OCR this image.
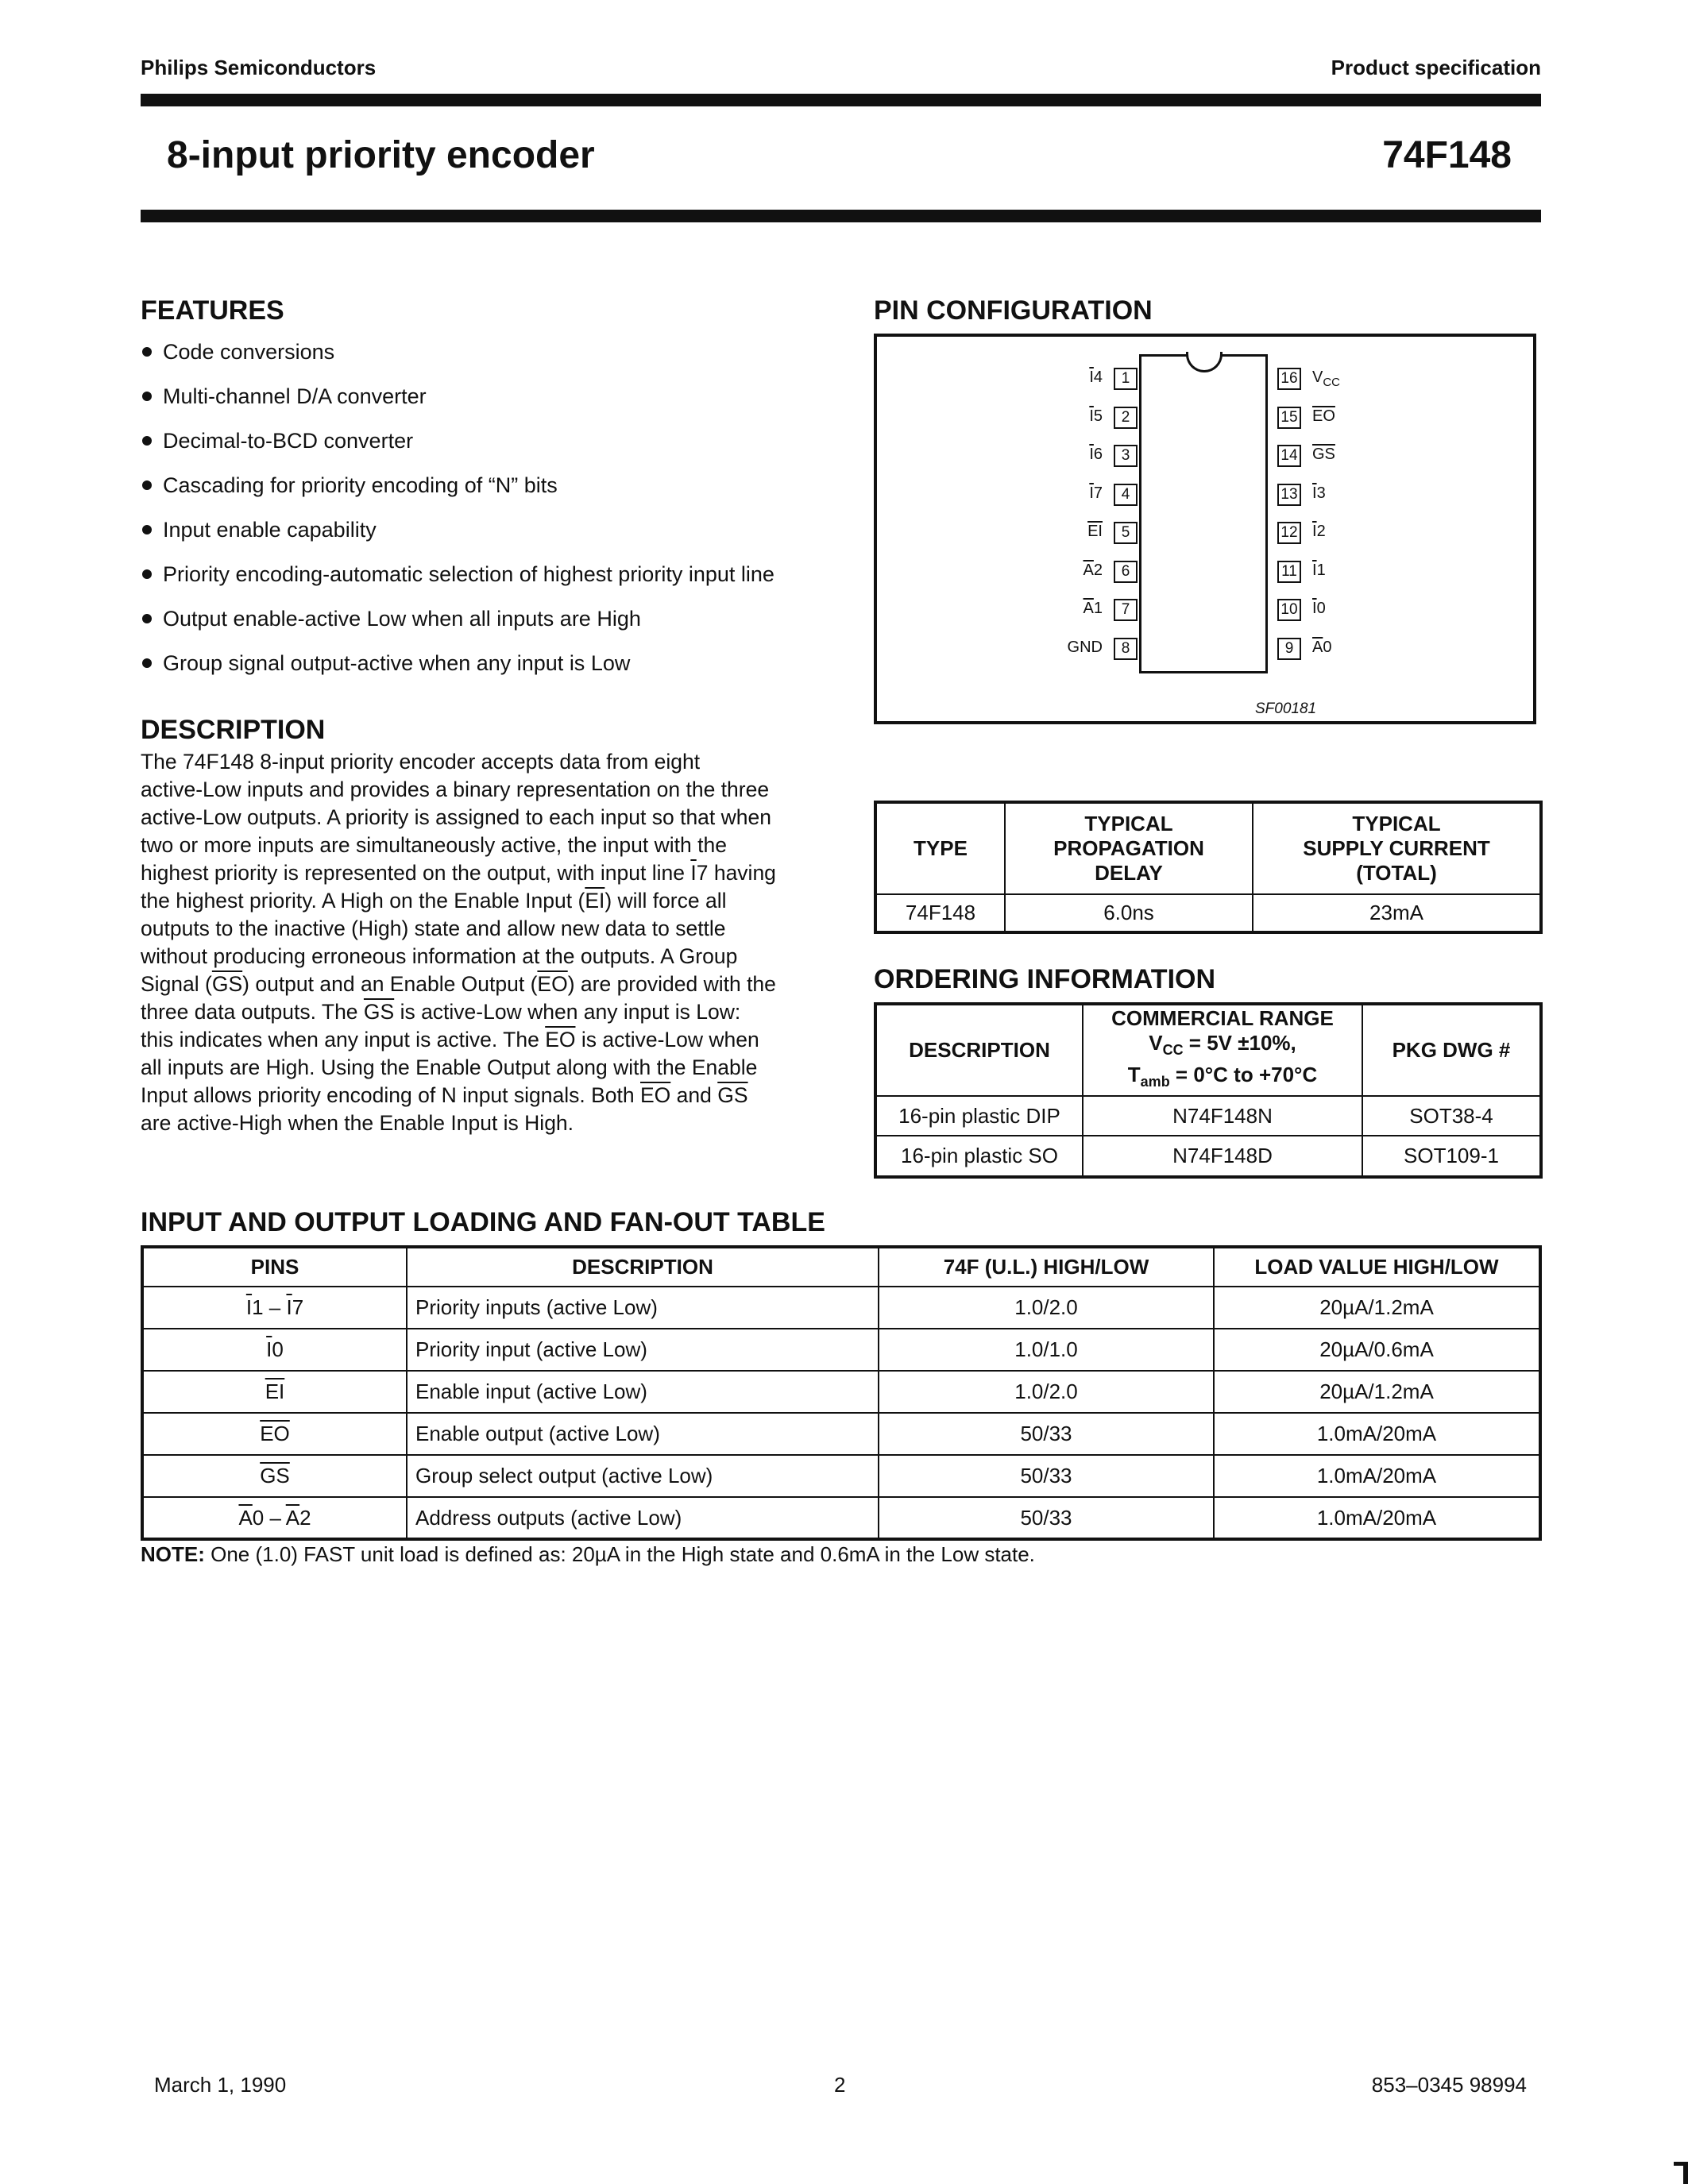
Philips Semiconductors	Product specification
8-input priority encoder	74F148
FEATURES
Code conversions
Multi-channel D/A converter
Decimal-to-BCD converter
Cascading for priority encoding of “N” bits
Input enable capability
Priority encoding-automatic selection of highest priority input line
Output enable-active Low when all inputs are High
Group signal output-active when any input is Low
DESCRIPTION
The 74F148 8-input priority encoder accepts data from eight
active-Low inputs and provides a binary representation on the three
active-Low outputs. A priority is assigned to each input so that when
two or more inputs are simultaneously active, the input with the
highest priority is represented on the output, with input line $\overline{I}7$ having
the highest priority. A High on the Enable Input $(\overline{EI})$ will force all
outputs to the inactive (High) state and allow new data to settle
without producing erroneous information at the outputs. A Group
Signal $(\overline{GS})$ output and an Enable Output $(\overline{EO})$ are provided with the
three data outputs. The $\overline{GS}$ is active-Low when any input is Low:
this indicates when any input is active. The $\overline{EO}$ is active-Low when
all inputs are High. Using the Enable Output along with the Enable
Input allows priority encoding of N input signals. Both $\overline{EO}$ and $\overline{GS}$
are active-High when the Enable Input is High.
PIN CONFIGURATION
1
$\overline{I}4$
2
$\overline{I}5$
3
$\overline{I}6$
4
$\overline{I}7$
5
$\overline{EI}$
6
$\overline{A}2$
7
$\overline{A}1$
8
GND
16 $V_{CC}$
15 $\overline{EO}$
14 $\overline{GS}$
13 $\overline{I}3$
12 $\overline{I}2$
11 $\overline{I}1$
10 $\overline{I}0$
9	$\overline{A}0$
SF00181
TYPE	TYPICAL
PROPAGATION
DELAY	TYPICAL
SUPPLY CURRENT
(TOTAL)
74F148	6.0ns	23mA
ORDERING INFORMATION
DESCRIPTION	COMMERCIAL RANGE
$V_{CC} = 5V \pm 10\%$,
$T_{amb} = 0^\circ C$ to +70°C	PKG DWG #
16-pin plastic DIP	N74F148N	SOT38-4
16-pin plastic SO	N74F148D	SOT109-1
INPUT AND OUTPUT LOADING AND FAN-OUT TABLE
PINS	DESCRIPTION	74F (U.L.) HIGH/LOW	LOAD VALUE HIGH/LOW
$\overline{I}1 - \overline{I}7$	Priority inputs (active Low)	1.0/2.0	20µA/1.2mA
$\overline{I}0$	Priority input (active Low)	1.0/1.0	20µA/0.6mA
$\overline{EI}$	Enable input (active Low)	1.0/2.0	20µA/1.2mA
$\overline{EO}$	Enable output (active Low)	50/33	1.0mA/20mA
$\overline{GS}$	Group select output (active Low)	50/33	1.0mA/20mA
$\overline{A}0 - \overline{A}2$	Address outputs (active Low)	50/33	1.0mA/20mA
NOTE: One (1.0) FAST unit load is defined as: 20µA in the High state and 0.6mA in the Low state.
March 1, 1990	2	853–0345 98994
